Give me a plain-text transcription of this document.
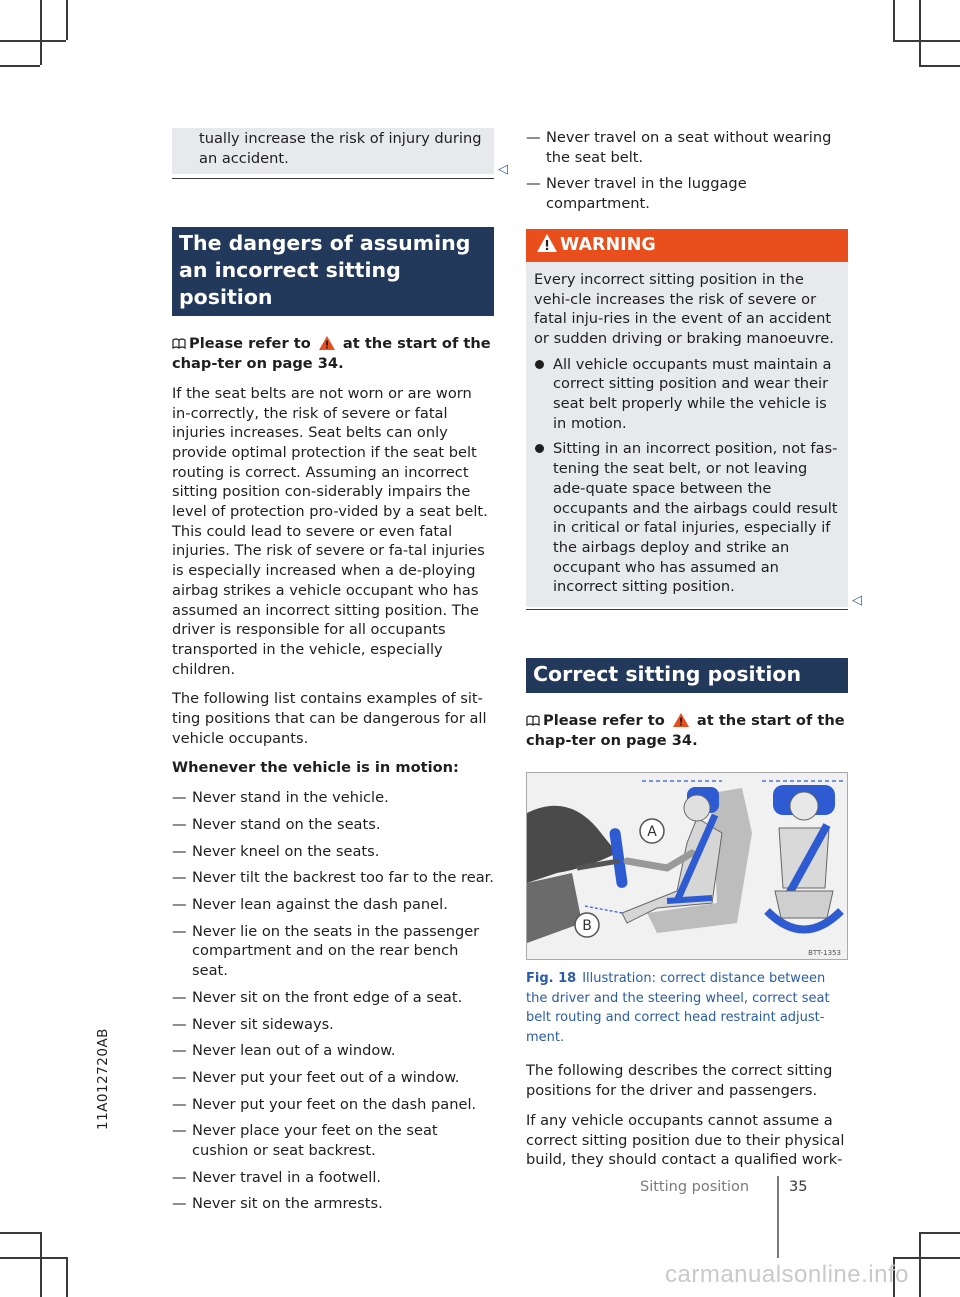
tually increase the risk of injury during an accident.

◁
The dangers of assuming an incorrect sitting position

Please refer to at the start of the chap-ter on page 34.

If the seat belts are not worn or are worn in-correctly, the risk of severe or fatal injuries increases. Seat belts can only provide optimal protection if the seat belt routing is correct. Assuming an incorrect sitting position con-siderably impairs the level of protection pro-vided by a seat belt. This could lead to severe or even fatal injuries. The risk of severe or fa-tal injuries is especially increased when a de-ploying airbag strikes a vehicle occupant who has assumed an incorrect sitting position. The driver is responsible for all occupants transported in the vehicle, especially children.

The following list contains examples of sit-ting positions that can be dangerous for all vehicle occupants.

Whenever the vehicle is in motion:

— Never stand in the vehicle.
— Never stand on the seats.
— Never kneel on the seats.
— Never tilt the backrest too far to the rear.
— Never lean against the dash panel.
— Never lie on the seats in the passenger compartment and on the rear bench seat.
— Never sit on the front edge of a seat.
— Never sit sideways.
— Never lean out of a window.
— Never put your feet out of a window.
— Never put your feet on the dash panel.
— Never place your feet on the seat cushion or seat backrest.
— Never travel in a footwell.
— Never sit on the armrests.
— Never travel on a seat without wearing the seat belt.
— Never travel in the luggage compartment.
WARNING

Every incorrect sitting position in the vehi-cle increases the risk of severe or fatal inju-ries in the event of an accident or sudden driving or braking manoeuvre.

All vehicle occupants must maintain a correct sitting position and wear their seat belt properly while the vehicle is in motion.
Sitting in an incorrect position, not fas-tening the seat belt, or not leaving ade-quate space between the occupants and the airbags could result in critical or fatal injuries, especially if the airbags deploy and strike an occupant who has assumed an incorrect sitting position.
◁
Correct sitting position

Please refer to at the start of the chap-ter on page 34.

A
B
BTT-1353

Fig. 18 Illustration: correct distance between the driver and the steering wheel, correct seat belt routing and correct head restraint adjust-ment.

The following describes the correct sitting positions for the driver and passengers.

If any vehicle occupants cannot assume a correct sitting position due to their physical build, they should contact a qualified work-

11A012720AB
Sitting position	35
carmanualsonline.info
